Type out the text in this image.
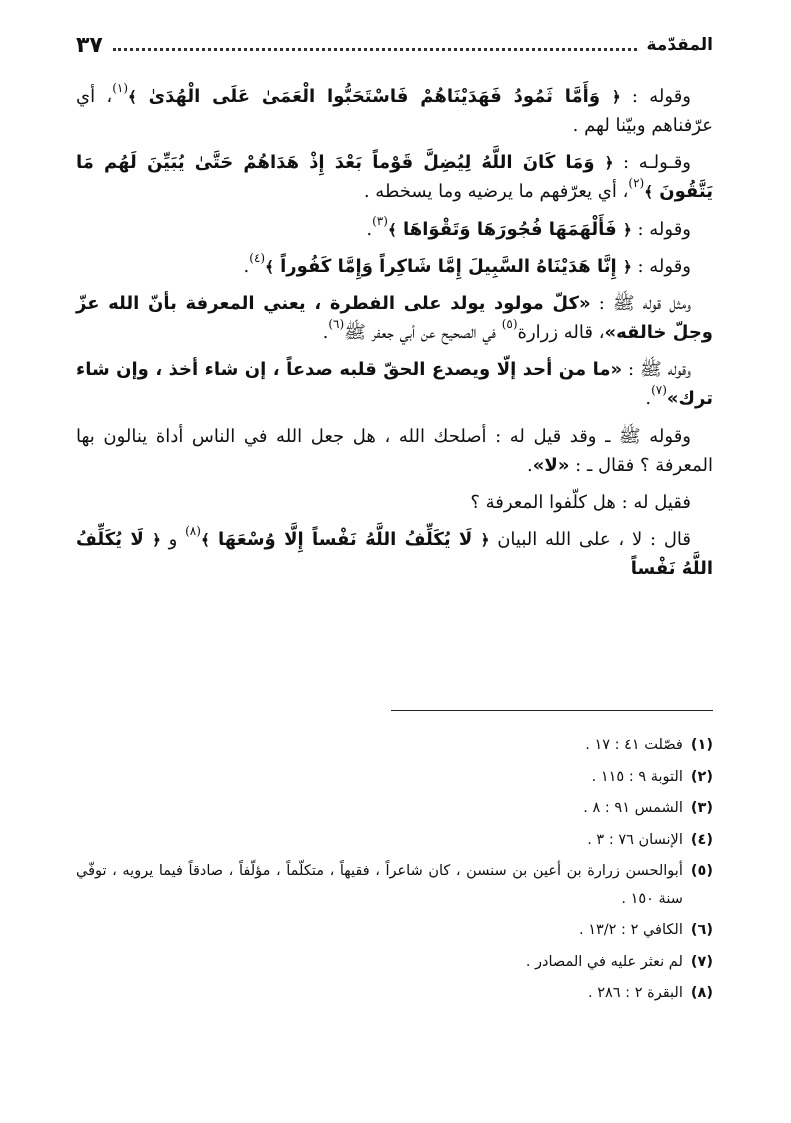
المقدّمة
٣٧

وقوله : ﴿ وَأَمَّا ثَمُودُ فَهَدَيْنَاهُمْ فَاسْتَحَبُّوا الْعَمَىٰ عَلَى الْهُدَىٰ ﴾$^{(١)}$، أي عرّفناهم وبيّنا لهم .

وقـولـه : ﴿ وَمَا كَانَ اللَّهُ لِيُضِلَّ قَوْماً بَعْدَ إِذْ هَدَاهُمْ حَتَّىٰ يُبَيِّنَ لَهُم مَا يَتَّقُونَ ﴾$^{(٢)}$، أي يعرّفهم ما يرضيه وما يسخطه .

وقوله : ﴿ فَأَلْهَمَهَا فُجُورَهَا وَتَقْوَاهَا ﴾$^{(٣)}$.

وقوله : ﴿ إِنَّا هَدَيْنَاهُ السَّبِيلَ إِمَّا شَاكِراً وَإِمَّا كَفُوراً ﴾$^{(٤)}$.

ومثل قوله ﷺ : «كلّ مولود يولد على الفطرة ، يعني المعرفة بأنّ الله عزّ وجلّ خالقه»، قاله زرارة$^{(٥)}$ في الصحيح عن أبي جعفر ﷺ$^{(٦)}$.

وقوله ﷺ : «ما من أحد إلّا ويصدع الحقّ قلبه صدعاً ، إن شاء أخذ ، وإن شاء ترك»$^{(٧)}$.

وقوله ﷺ ـ وقد قيل له : أصلحك الله ، هل جعل الله في الناس أداة ينالون بها المعرفة ؟ فقال ـ : «لا».

فقيل له : هل كلّفوا المعرفة ؟

قال : لا ، على الله البيان ﴿ لَا يُكَلِّفُ اللَّهُ نَفْساً إِلَّا وُسْعَهَا ﴾$^{(٨)}$ و ﴿ لَا يُكَلِّفُ اللَّهُ نَفْساً

(١)
فصّلت ٤١ : ١٧ .
(٢)
التوبة ٩ : ١١٥ .
(٣)
الشمس ٩١ : ٨ .
(٤)
الإنسان ٧٦ : ٣ .
(٥)
أبوالحسن زرارة بن أعين بن سنسن ، كان شاعراً ، فقيهاً ، متكلّماً ، مؤلّفاً ، صادقاً فيما يرويه ، توفّي سنة ١٥٠ .
(٦)
الكافي ٢ : ١٣/٢ .
(٧)
لم نعثر عليه في المصادر .
(٨)
البقرة ٢ : ٢٨٦ .
